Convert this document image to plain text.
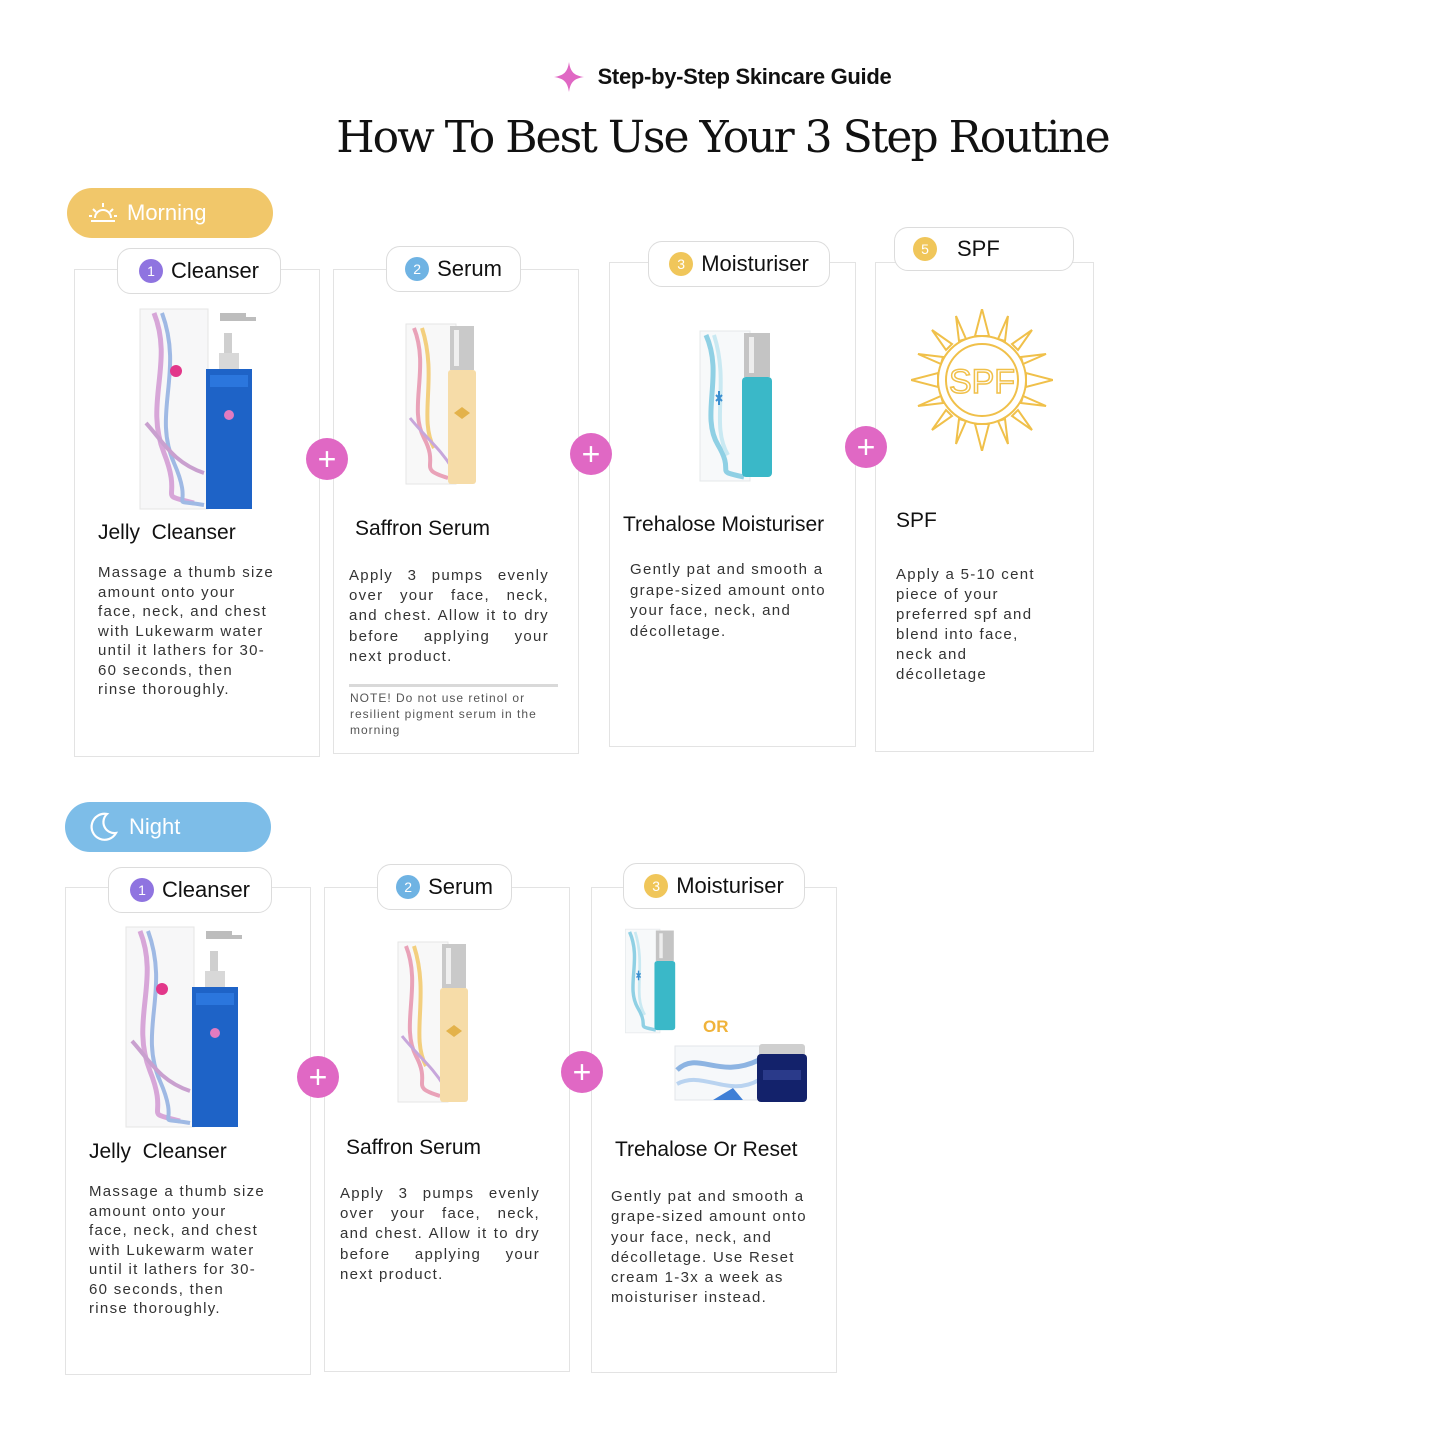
Step-by-Step Skincare Guide
How To Best Use Your 3 Step Routine
Morning
Night
1 Cleanser	2 Serum	3 Moisturiser
5	SPF
SPF
Jelly  Cleanser	Saffron Serum	Trehalose Moisturiser	SPF
Massage a thumb size amount onto your face, neck, and chest with Lukewarm water until it lathers for 30-60 seconds, then rinse thoroughly.
Apply 3 pumps evenly over your face, neck, and chest. Allow it to dry before applying your next product.
NOTE! Do not use retinol or resilient pigment serum in the morning
Gently pat and smooth a grape-sized amount onto your face, neck, and décolletage.
Apply a 5-10 cent piece of your preferred spf and blend into face, neck and décolletage
+	+	+
1 Cleanser	2 Serum	3 Moisturiser
OR
Jelly  Cleanser	Saffron Serum	Trehalose Or Reset
Massage a thumb size amount onto your face, neck, and chest with Lukewarm water until it lathers for 30-60 seconds, then rinse thoroughly.
Apply 3 pumps evenly over your face, neck, and chest. Allow it to dry before applying your next product.
Gently pat and smooth a grape-sized amount onto your face, neck, and décolletage. Use Reset cream 1-3x a week as moisturiser instead.
+	+
